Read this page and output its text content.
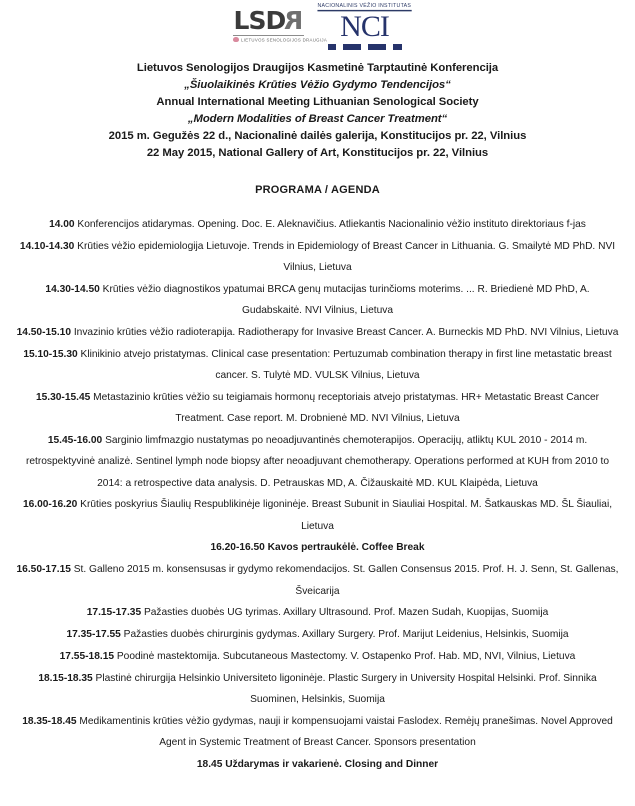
LSD R
LIETUVOS SENOLOGIJOS DRAUGIJA
NACIONALINIS VĖŽIO INSTITUTAS
NCI
Lietuvos Senologijos Draugijos Kasmetinė Tarptautinė Konferencija
„Šiuolaikinės Krūties Vėžio Gydymo Tendencijos“
Annual International Meeting Lithuanian Senological Society
„Modern Modalities of Breast Cancer Treatment“
2015 m. Gegužės 22 d., Nacionalinė dailės galerija, Konstitucijos pr. 22, Vilnius
22 May 2015, National Gallery of Art, Konstitucijos pr. 22, Vilnius
PROGRAMA / AGENDA
14.00 Konferencijos atidarymas. Opening. Doc. E. Aleknavičius. Atliekantis Nacionalinio vėžio instituto direktoriaus f-jas
14.10-14.30 Krūties vėžio epidemiologija Lietuvoje. Trends in Epidemiology of Breast Cancer in Lithuania. G. Smailytė MD PhD. NVI Vilnius, Lietuva
14.30-14.50 Krūties vėžio diagnostikos ypatumai BRCA genų mutacijas turinčioms moterims. ... R. Briedienė MD PhD, A. Gudabskaitė. NVI Vilnius, Lietuva
14.50-15.10 Invazinio krūties vėžio radioterapija. Radiotherapy for Invasive Breast Cancer. A. Burneckis MD PhD. NVI Vilnius, Lietuva
15.10-15.30 Klinikinio atvejo pristatymas. Clinical case presentation: Pertuzumab combination therapy in first line metastatic breast cancer. S. Tulytė MD. VULSK Vilnius, Lietuva
15.30-15.45 Metastazinio krūties vėžio su teigiamais hormonų receptoriais atvejo pristatymas. HR+ Metastatic Breast Cancer Treatment. Case report. M. Drobnienė MD. NVI Vilnius, Lietuva
15.45-16.00 Sarginio limfmazgio nustatymas po neoadjuvantinės chemoterapijos. Operacijų, atliktų KUL 2010 - 2014 m. retrospektyvinė analizė. Sentinel lymph node biopsy after neoadjuvant chemotherapy. Operations performed at KUH from 2010 to 2014: a retrospective data analysis. D. Petrauskas MD, A. Čižauskaitė MD. KUL Klaipėda, Lietuva
16.00-16.20 Krūties poskyrius Šiaulių Respublikinėje ligoninėje. Breast Subunit in Siauliai Hospital. M. Šatkauskas MD. ŠL Šiauliai, Lietuva
16.20-16.50 Kavos pertraukėlė. Coffee Break
16.50-17.15 St. Galleno 2015 m. konsensusas ir gydymo rekomendacijos. St. Gallen Consensus 2015. Prof. H. J. Senn, St. Gallenas, Šveicarija
17.15-17.35 Pažasties duobės UG tyrimas. Axillary Ultrasound. Prof. Mazen Sudah, Kuopijas, Suomija
17.35-17.55 Pažasties duobės chirurginis gydymas. Axillary Surgery. Prof. Marijut Leidenius, Helsinkis, Suomija
17.55-18.15 Poodinė mastektomija. Subcutaneous Mastectomy. V. Ostapenko Prof. Hab. MD, NVI, Vilnius, Lietuva
18.15-18.35 Plastinė chirurgija Helsinkio Universiteto ligoninėje. Plastic Surgery in University Hospital Helsinki. Prof. Sinnika Suominen, Helsinkis, Suomija
18.35-18.45 Medikamentinis krūties vėžio gydymas, nauji ir kompensuojami vaistai Faslodex. Remėjų pranešimas. Novel Approved Agent in Systemic Treatment of Breast Cancer. Sponsors presentation
18.45 Uždarymas ir vakarienė. Closing and Dinner
